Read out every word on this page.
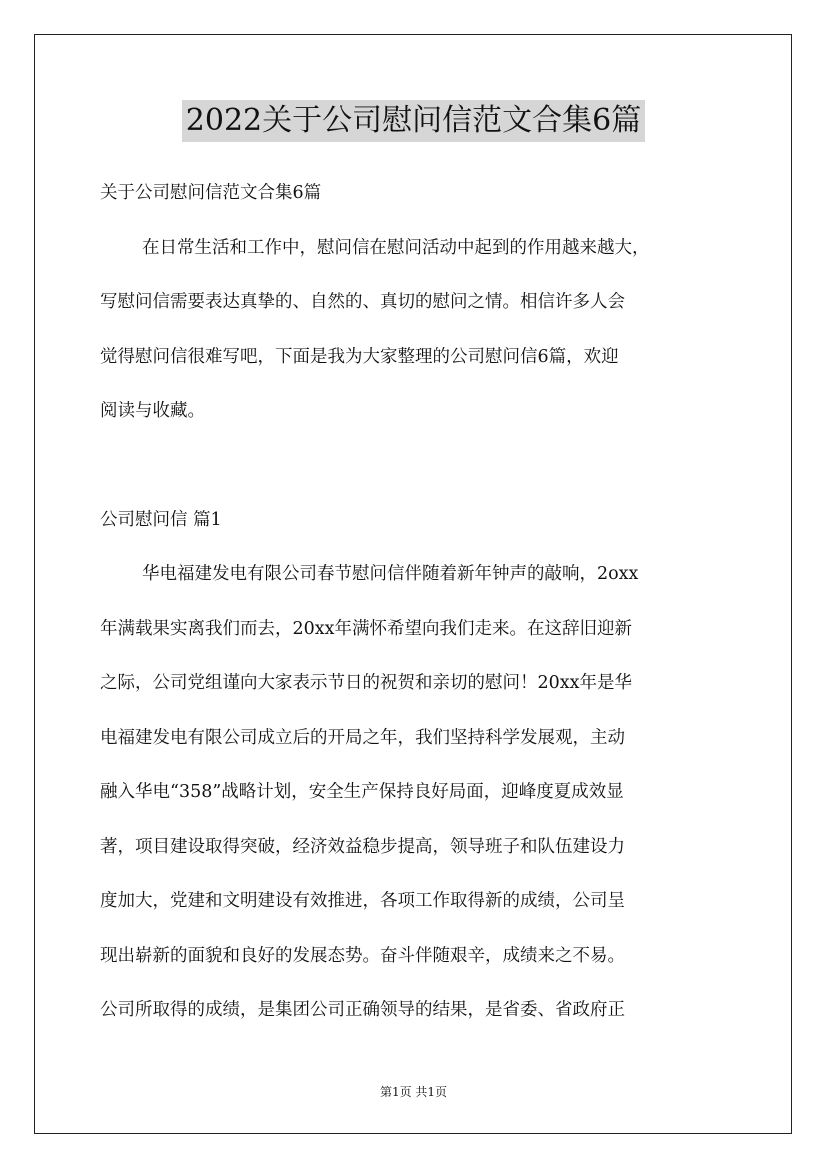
2022关于公司慰问信范文合集6篇
关于公司慰问信范文合集6篇
在日常生活和工作中，慰问信在慰问活动中起到的作用越来越大，
写慰问信需要表达真挚的、自然的、真切的慰问之情。相信许多人会
觉得慰问信很难写吧，下面是我为大家整理的公司慰问信6篇，欢迎
阅读与收藏。
公司慰问信 篇1
华电福建发电有限公司春节慰问信伴随着新年钟声的敲响，2oxx
年满载果实离我们而去，20xx年满怀希望向我们走来。在这辞旧迎新
之际，公司党组谨向大家表示节日的祝贺和亲切的慰问！20xx年是华
电福建发电有限公司成立后的开局之年，我们坚持科学发展观，主动
融入华电“358”战略计划，安全生产保持良好局面，迎峰度夏成效显
著，项目建设取得突破，经济效益稳步提高，领导班子和队伍建设力
度加大，党建和文明建设有效推进，各项工作取得新的成绩，公司呈
现出崭新的面貌和良好的发展态势。奋斗伴随艰辛，成绩来之不易。
公司所取得的成绩，是集团公司正确领导的结果，是省委、省政府正
第1页 共1页
